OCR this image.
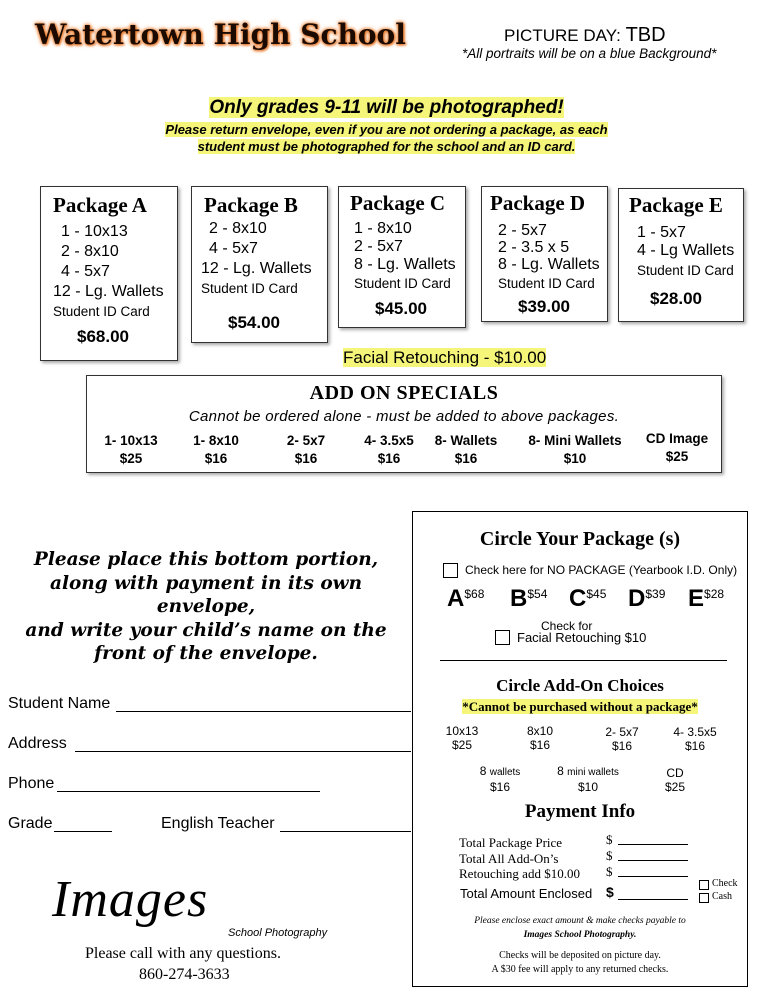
Watertown High School	PICTURE DAY: TBD
*All portraits will be on a blue Background*
Only grades 9-11 will be photographed!
Please return envelope, even if you are not ordering a package, as each
student must be photographed for the school and an ID card.
Package A
1 - 10x13
2 - 8x10
4 - 5x7
12 - Lg. Wallets
Student ID Card
$68.00
Package B
2 - 8x10
4 - 5x7
12 - Lg. Wallets
Student ID Card
$54.00
Package C
1 - 8x10
2 - 5x7
8 - Lg. Wallets
Student ID Card
$45.00
Package D
2 - 5x7
2 - 3.5 x 5
8 - Lg. Wallets
Student ID Card
$39.00
Package E
1 - 5x7
4 - Lg Wallets
Student ID Card
$28.00
Facial Retouching - $10.00
ADD ON SPECIALS
Cannot be ordered alone - must be added to above packages.
1- 10x13
$25
1- 8x10
$16
2- 5x7
$16
4- 3.5x5
$16
8- Wallets
$16
8- Mini Wallets
$10
CD Image
$25
Please place this bottom portion,
along with payment in its own envelope,
and write your child’s name on the
front of the envelope.
Student Name
Address
Phone
Grade	English Teacher
Images
School Photography
Please call with any questions.
860-274-3633
Circle Your Package (s)
Check here for NO PACKAGE (Yearbook I.D. Only)
$A^{\$68}$ $B^{\$54}$ $C^{\$45}$ $D^{\$39}$ $E^{\$28}$
Check for
Facial Retouching $10
Circle Add-On Choices
*Cannot be purchased without a package*
10x13
$25
8x10
$16
2- 5x7
$16
4- 3.5x5
$16
8 wallets
$16
8 mini wallets
$10
CD
$25
Payment Info
Total Package Price
Total All Add-On’s
Retouching add $10.00
Total Amount Enclosed
$
$
$
$
Check
Cash
Please enclose exact amount & make checks payable to
Images School Photography.
Checks will be deposited on picture day.
A $30 fee will apply to any returned checks.
